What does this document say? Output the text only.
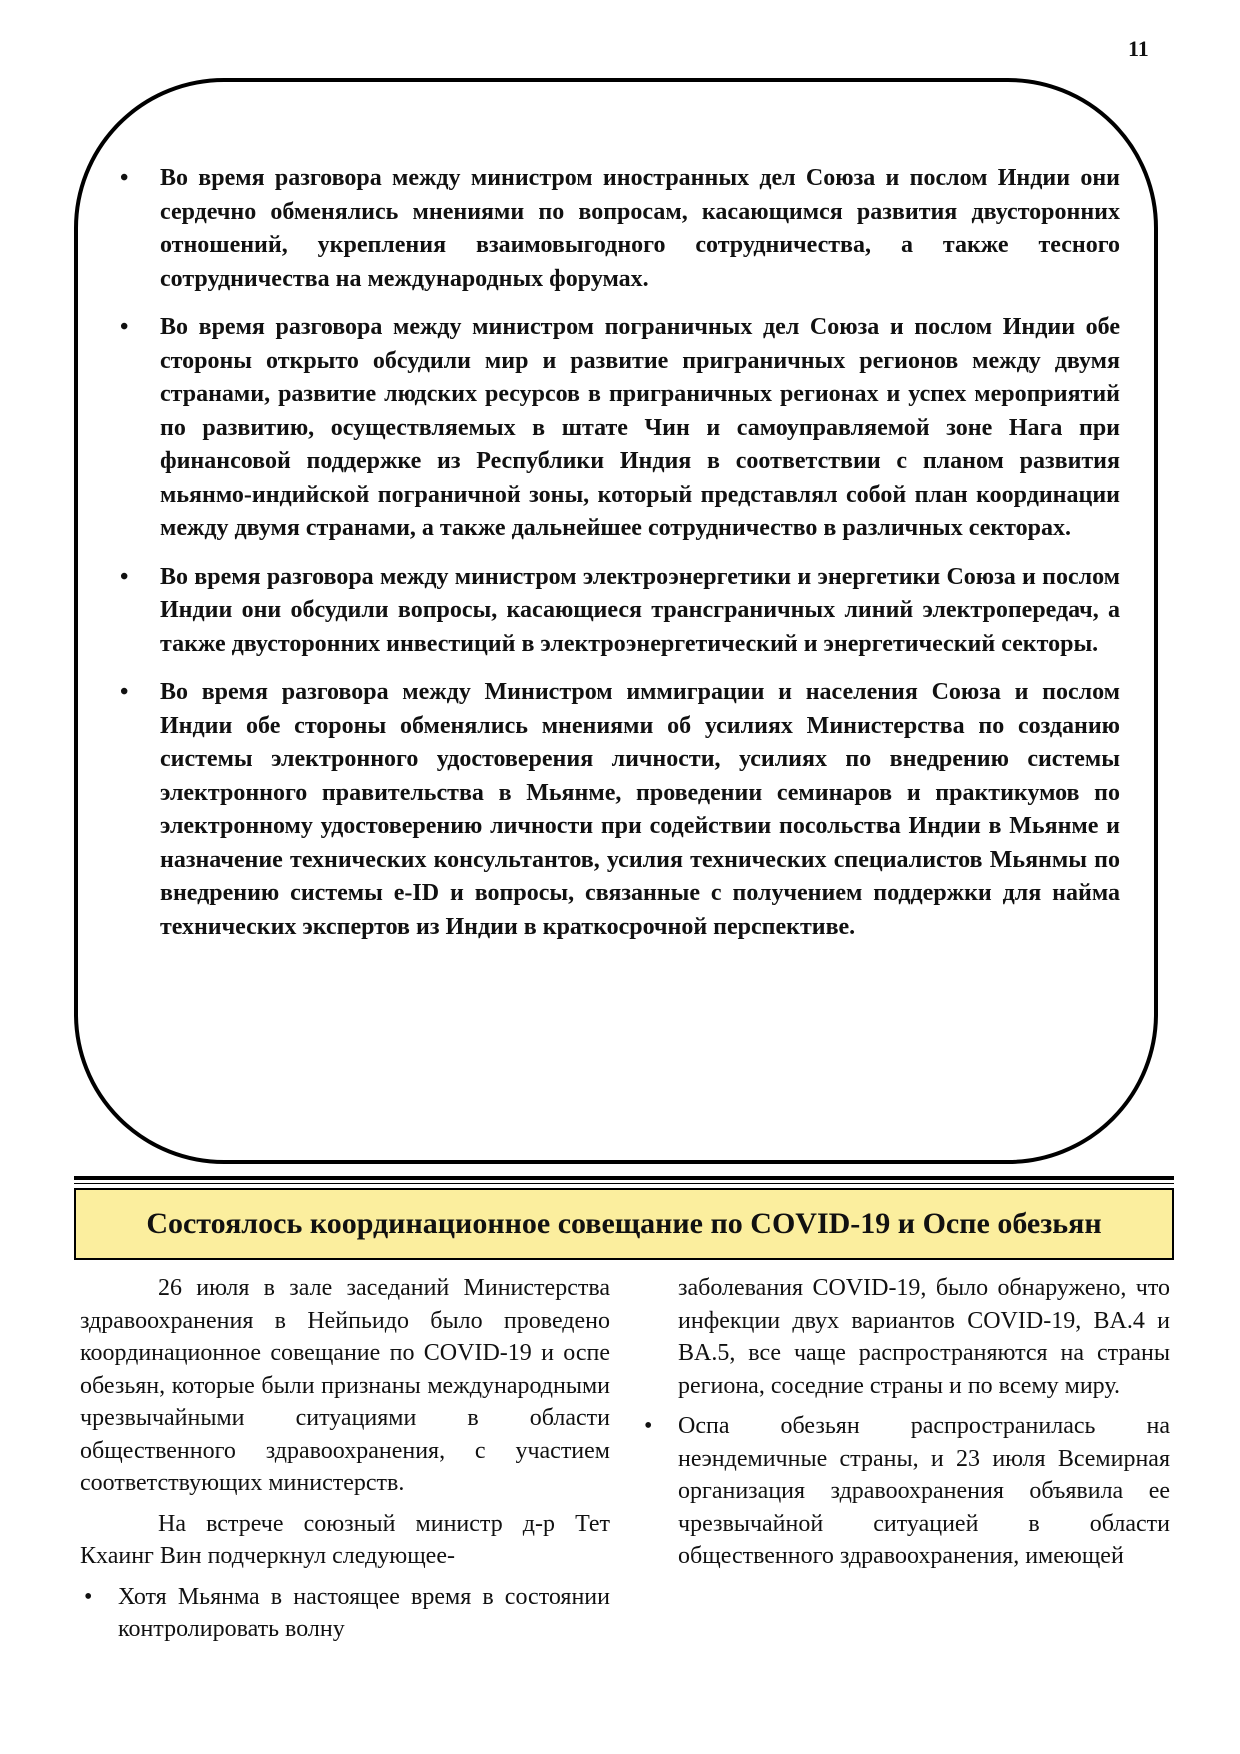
11
• Во время разговора между министром иностранных дел Союза и послом Индии они сердечно обменялись мнениями по вопросам, касающимся развития двусторонних отношений, укрепления взаимовыгодного сотрудничества, а также тесного сотрудничества на международных форумах.
• Во время разговора между министром пограничных дел Союза и послом Индии обе стороны открыто обсудили мир и развитие приграничных регионов между двумя странами, развитие людских ресурсов в приграничных регионах и успех мероприятий по развитию, осуществляемых в штате Чин и самоуправляемой зоне Нага при финансовой поддержке из Республики Индия в соответствии с планом развития мьянмо-индийской пограничной зоны, который представлял собой план координации между двумя странами, а также дальнейшее сотрудничество в различных секторах.
• Во время разговора между министром электроэнергетики и энергетики Союза и послом Индии они обсудили вопросы, касающиеся трансграничных линий электропередач, а также двусторонних инвестиций в электроэнергетический и энергетический секторы.
• Во время разговора между Министром иммиграции и населения Союза и послом Индии обе стороны обменялись мнениями об усилиях Министерства по созданию системы электронного удостоверения личности, усилиях по внедрению системы электронного правительства в Мьянме, проведении семинаров и практикумов по электронному удостоверению личности при содействии посольства Индии в Мьянме и назначение технических консультантов, усилия технических специалистов Мьянмы по внедрению системы e-ID и вопросы, связанные с получением поддержки для найма технических экспертов из Индии в краткосрочной перспективе.
Состоялось координационное совещание по COVID-19 и Оспе обезьян

26 июля в зале заседаний Министерства здравоохранения в Нейпьидо было проведено координационное совещание по COVID-19 и оспе обезьян, которые были признаны международными чрезвычайными ситуациями в области общественного здравоохранения, с участием соответствующих министерств.

На встрече союзный министр д-р Тет Кхаинг Вин подчеркнул следующее-

• Хотя Мьянма в настоящее время в состоянии контролировать волну

заболевания COVID-19, было обнаружено, что инфекции двух вариантов COVID-19, BA.4 и BA.5, все чаще распространяются на страны региона, соседние страны и по всему миру.

• Оспа обезьян распространилась на неэндемичные страны, и 23 июля Всемирная организация здравоохранения объявила ее чрезвычайной ситуацией в области общественного здравоохранения, имеющей
